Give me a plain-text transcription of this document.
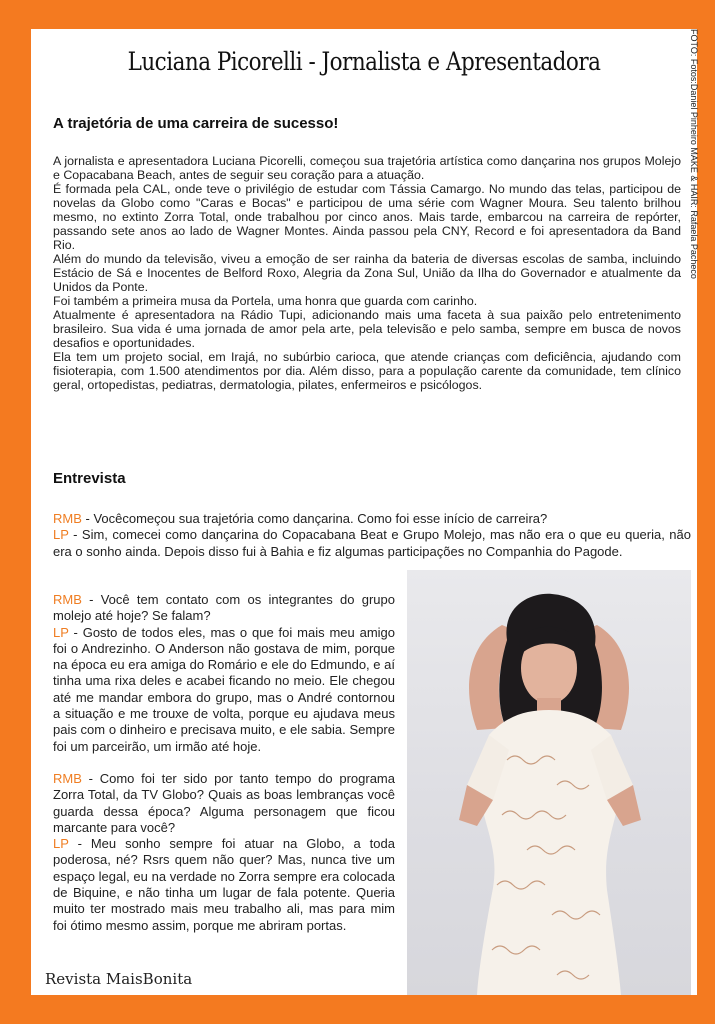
Luciana Picorelli - Jornalista e Apresentadora
A trajetória de uma carreira de sucesso!

A jornalista e apresentadora Luciana Picorelli, começou sua trajetória artística como dançarina nos grupos Molejo e Copacabana Beach, antes de seguir seu coração para a atuação.

É formada pela CAL, onde teve o privilégio de estudar com Tássia Camargo. No mundo das telas, participou de novelas da Globo como "Caras e Bocas" e participou de uma série com Wagner Moura. Seu talento brilhou mesmo, no extinto Zorra Total, onde trabalhou por cinco anos. Mais tarde, embarcou na carreira de repórter, passando sete anos ao lado de Wagner Montes. Ainda passou pela CNY, Record e foi apresentadora da Band Rio.

Além do mundo da televisão, viveu a emoção de ser rainha da bateria de diversas escolas de samba, incluindo Estácio de Sá e Inocentes de Belford Roxo, Alegria da Zona Sul, União da Ilha do Governador e atualmente da Unidos da Ponte.

Foi também a primeira musa da Portela, uma honra que guarda com carinho.

Atualmente é apresentadora na Rádio Tupi, adicionando mais uma faceta à sua paixão pelo entretenimento brasileiro. Sua vida é uma jornada de amor pela arte, pela televisão e pelo samba, sempre em busca de novos desafios e oportunidades.

Ela tem um projeto social, em Irajá, no subúrbio carioca, que atende crianças com deficiência, ajudando com fisioterapia, com 1.500 atendimentos por dia. Além disso, para a população carente da comunidade, tem clínico geral, ortopedistas, pediatras, dermatologia, pilates, enfermeiros e psicólogos.

Entrevista

RMB - Vocêcomeçou sua trajetória como dançarina. Como foi esse início de carreira?

LP - Sim, comecei como dançarina do Copacabana Beat e Grupo Molejo, mas não era o que eu queria, não era o sonho ainda. Depois disso fui à Bahia e fiz algumas participações no Companhia do Pagode.

RMB - Você tem contato com os integrantes do grupo molejo até hoje? Se falam?

LP - Gosto de todos eles, mas o que foi mais meu amigo foi o Andrezinho. O Anderson não gostava de mim, porque na época eu era amiga do Romário e ele do Edmundo, e aí tinha uma rixa deles e acabei ficando no meio. Ele chegou até me mandar embora do grupo, mas o André contornou a situação e me trouxe de volta, porque eu ajudava meus pais com o dinheiro e precisava muito, e ele sabia. Sempre foi um parceirão, um irmão até hoje.

RMB - Como foi ter sido por tanto tempo do programa Zorra Total, da TV Globo? Quais as boas lembranças você guarda dessa época? Alguma personagem que ficou marcante para você?

LP - Meu sonho sempre foi atuar na Globo, a toda poderosa, né? Rsrs quem não quer? Mas, nunca tive um espaço legal, eu na verdade no Zorra sempre era colocada de Biquine, e não tinha um lugar de fala potente. Queria muito ter mostrado mais meu trabalho ali, mas para mim foi ótimo mesmo assim, porque me abriram portas.

FOTO: Fotos:Daniel Pinheiro MAKE & HAIR: Rafaela Pacheco
Revista MaisBonita
